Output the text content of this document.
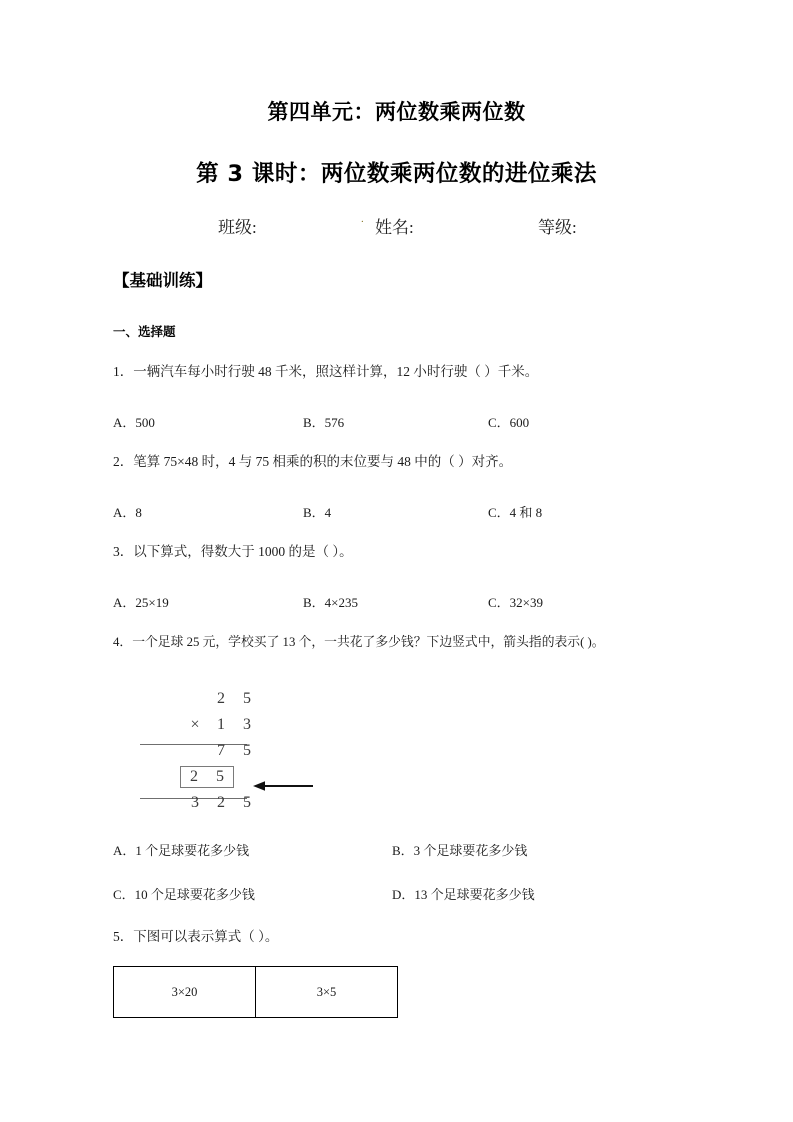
第四单元：两位数乘两位数
第 3 课时：两位数乘两位数的进位乘法
班级:	. 姓名:	等级:
【基础训练】
一、选择题
1．一辆汽车每小时行驶 48 千米，照这样计算，12 小时行驶（ ）千米。
A．500	B．576	C．600
2．笔算 75×48 时，4 与 75 相乘的积的末位要与 48 中的（ ）对齐。
A．8	B．4	C．4 和 8
3．以下算式，得数大于 1000 的是（ ）。
A．25×19	B．4×235	C．32×39
4．一个足球 25 元，学校买了 13 个，一共花了多少钱？下边竖式中，箭头指的表示( )。
2	5
×	1	3
7	5
2	5
3	2	5
A．1 个足球要花多少钱	B．3 个足球要花多少钱
C．10 个足球要花多少钱	D．13 个足球要花多少钱
5．下图可以表示算式（ ）。
3×20	3×5
